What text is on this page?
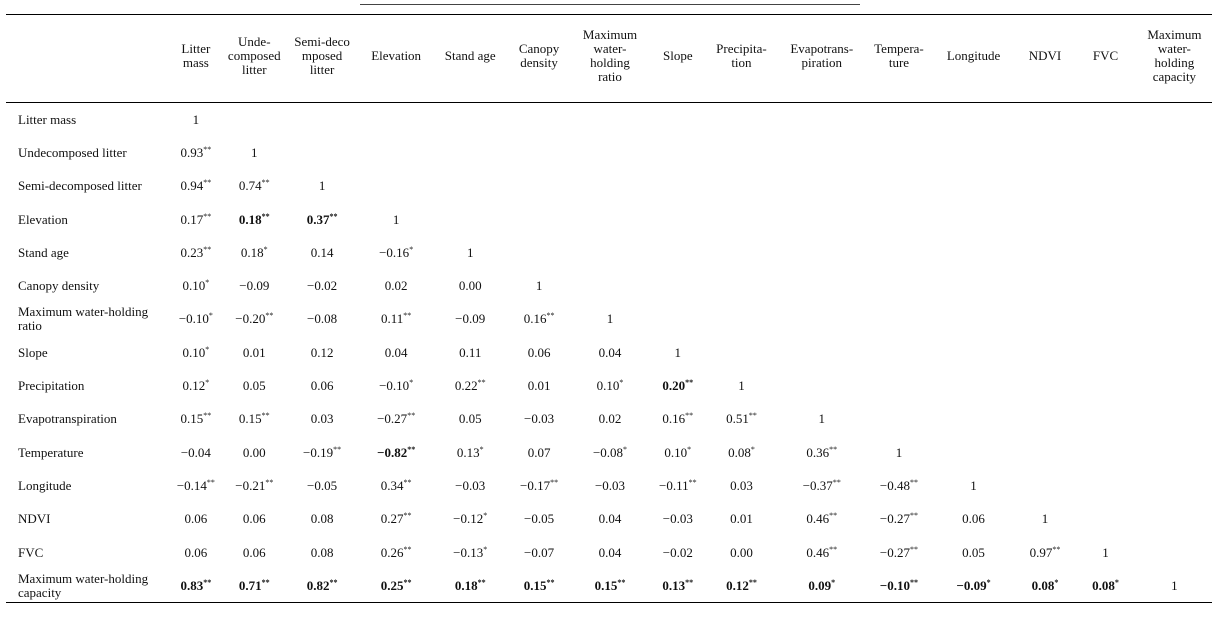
	Litter
mass	Unde-
composed
litter	Semi-deco
mposed
litter	Elevation	Stand age	Canopy
density	Maximum
water-
holding
ratio	Slope	Precipita-
tion	Evapotrans-
piration	Tempera-
ture	Longitude	NDVI	FVC	Maximum
water-
holding
capacity
Litter mass	1														
Undecomposed litter	0.93**	1													
Semi-decomposed litter	0.94**	0.74**	1												
Elevation	0.17**	0.18**	0.37**	1											
Stand age	0.23**	0.18*	0.14	−0.16*	1										
Canopy density	0.10*	−0.09	−0.02	0.02	0.00	1									
Maximum water-holding ratio	−0.10*	−0.20**	−0.08	0.11**	−0.09	0.16**	1								
Slope	0.10*	0.01	0.12	0.04	0.11	0.06	0.04	1							
Precipitation	0.12*	0.05	0.06	−0.10*	0.22**	0.01	0.10*	0.20**	1						
Evapotranspiration	0.15**	0.15**	0.03	−0.27**	0.05	−0.03	0.02	0.16**	0.51**	1					
Temperature	−0.04	0.00	−0.19**	−0.82**	0.13*	0.07	−0.08*	0.10*	0.08*	0.36**	1				
Longitude	−0.14**	−0.21**	−0.05	0.34**	−0.03	−0.17**	−0.03	−0.11**	0.03	−0.37**	−0.48**	1			
NDVI	0.06	0.06	0.08	0.27**	−0.12*	−0.05	0.04	−0.03	0.01	0.46**	−0.27**	0.06	1		
FVC	0.06	0.06	0.08	0.26**	−0.13*	−0.07	0.04	−0.02	0.00	0.46**	−0.27**	0.05	0.97**	1	
Maximum water-holding capacity	0.83**	0.71**	0.82**	0.25**	0.18**	0.15**	0.15**	0.13**	0.12**	0.09*	−0.10**	−0.09*	0.08*	0.08*	1
